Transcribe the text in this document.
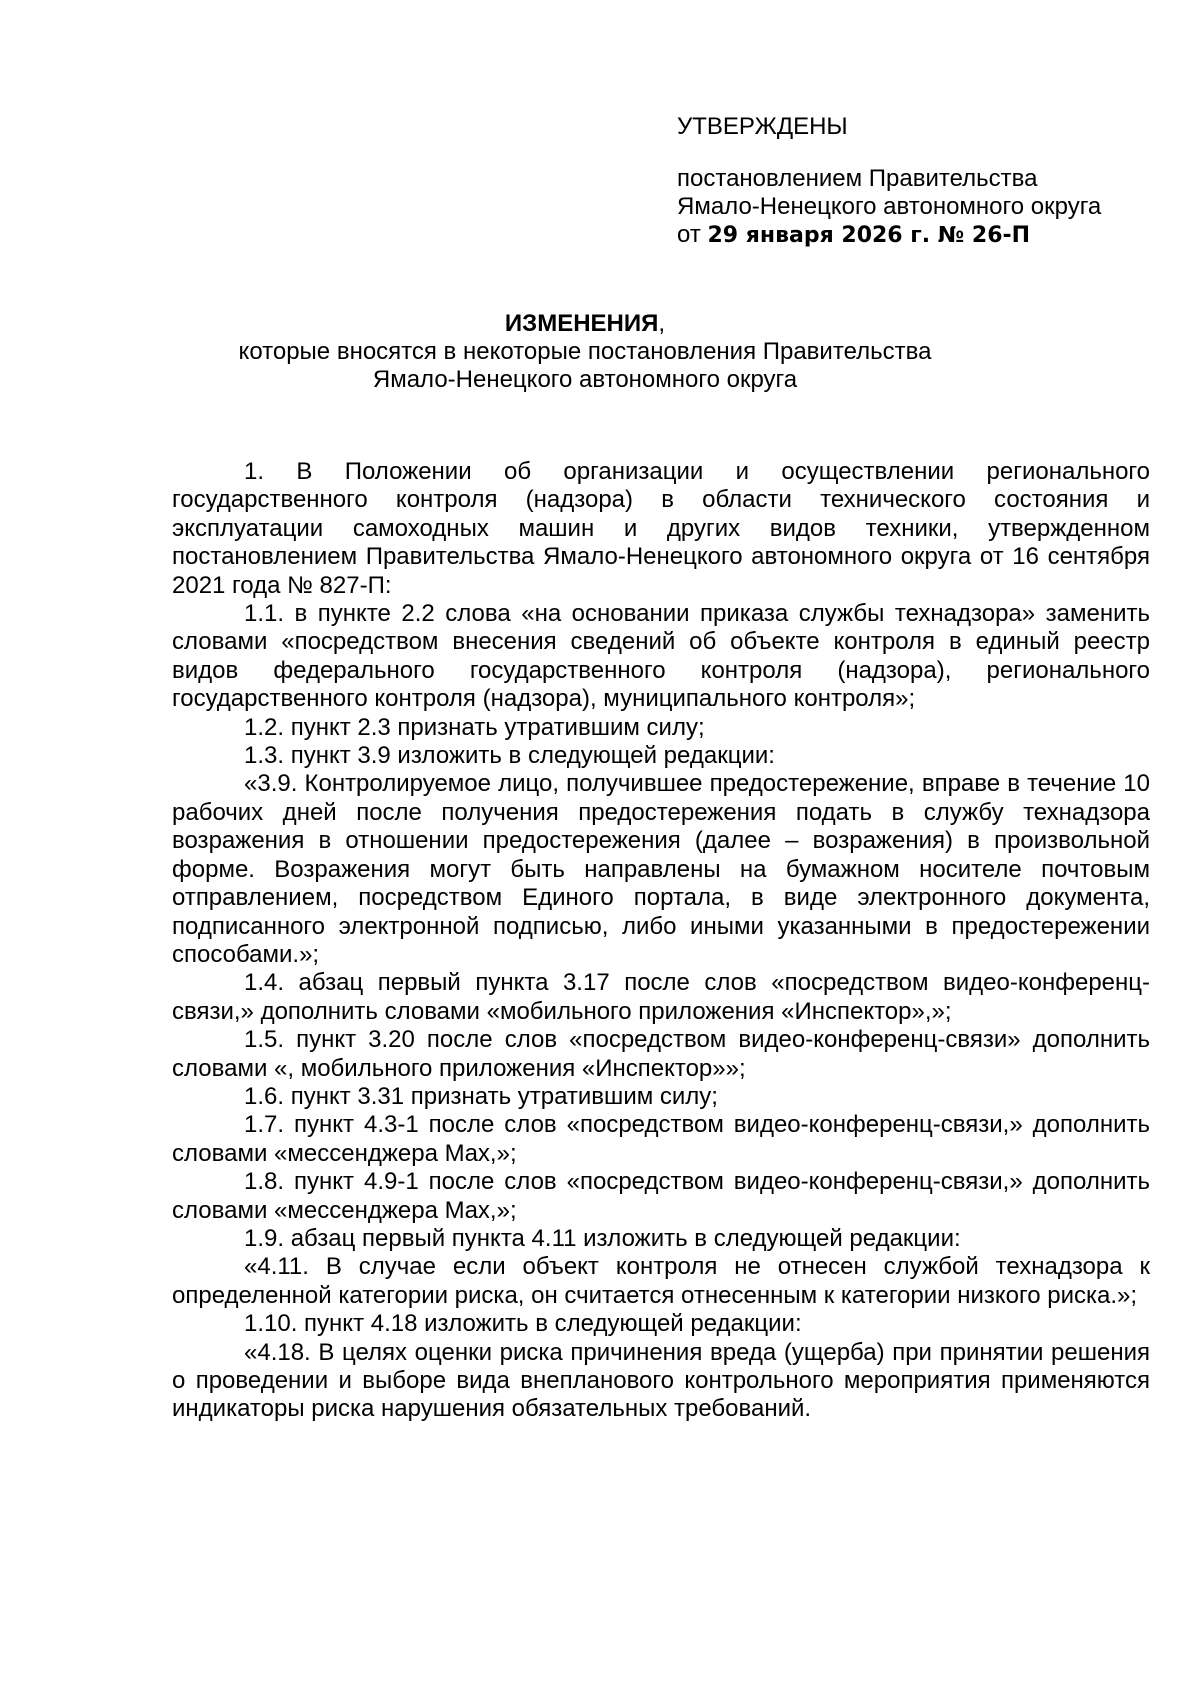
УТВЕРЖДЕНЫ
постановлением Правительства
Ямало-Ненецкого автономного округа
от 29 января 2026 г. № 26-П
ИЗМЕНЕНИЯ,
которые вносятся в некоторые постановления Правительства
Ямало-Ненецкого автономного округа

1. В Положении об организации и осуществлении регионального государственного контроля (надзора) в области технического состояния и эксплуатации самоходных машин и других видов техники, утвержденном постановлением Правительства Ямало-Ненецкого автономного округа от 16 сентября 2021 года № 827-П:

1.1. в пункте 2.2 слова «на основании приказа службы технадзора» заменить словами «посредством внесения сведений об объекте контроля в единый реестр видов федерального государственного контроля (надзора), регионального государственного контроля (надзора), муниципального контроля»;

1.2. пункт 2.3 признать утратившим силу;

1.3. пункт 3.9 изложить в следующей редакции:

«3.9. Контролируемое лицо, получившее предостережение, вправе в течение 10 рабочих дней после получения предостережения подать в службу технадзора возражения в отношении предостережения (далее – возражения) в произвольной форме. Возражения могут быть направлены на бумажном носителе почтовым отправлением, посредством Единого портала, в виде электронного документа, подписанного электронной подписью, либо иными указанными в предостережении способами.»;

1.4. абзац первый пункта 3.17 после слов «посредством видео-конференц-связи,» дополнить словами «мобильного приложения «Инспектор»,»;

1.5. пункт 3.20 после слов «посредством видео-конференц-связи» дополнить словами «, мобильного приложения «Инспектор»»;

1.6. пункт 3.31 признать утратившим силу;

1.7. пункт 4.3-1 после слов «посредством видео-конференц-связи,» дополнить словами «мессенджера Max,»;

1.8. пункт 4.9-1 после слов «посредством видео-конференц-связи,» дополнить словами «мессенджера Max,»;

1.9. абзац первый пункта 4.11 изложить в следующей редакции:

«4.11. В случае если объект контроля не отнесен службой технадзора к определенной категории риска, он считается отнесенным к категории низкого риска.»;

1.10. пункт 4.18 изложить в следующей редакции:

«4.18. В целях оценки риска причинения вреда (ущерба) при принятии решения о проведении и выборе вида внепланового контрольного мероприятия применяются индикаторы риска нарушения обязательных требований.
